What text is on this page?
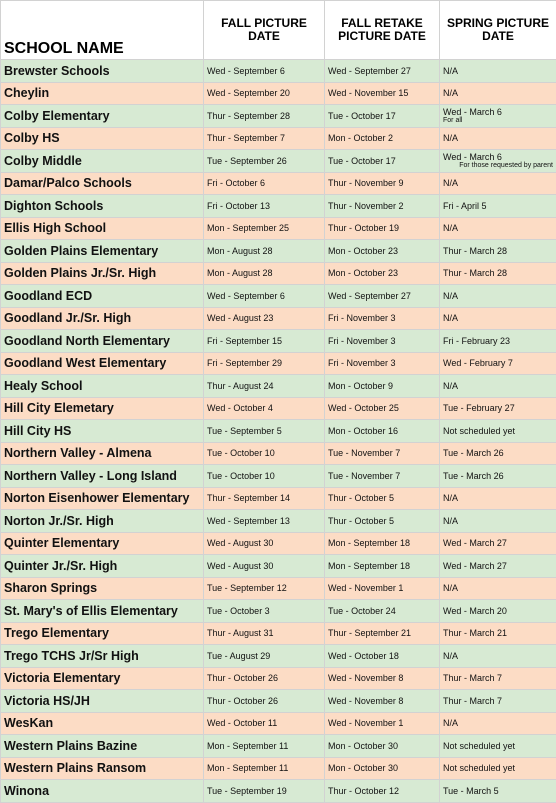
SCHOOL NAME	FALL PICTURE DATE	FALL RETAKE PICTURE DATE	SPRING PICTURE DATE
Brewster Schools	Wed - September 6	Wed - September 27	N/A
Cheylin	Wed - September 20	Wed - November 15	N/A
Colby Elementary	Thur - September 28	Tue - October 17	Wed - March 6
For all

Colby HS	Thur - September 7	Mon - October 2	N/A
Colby Middle	Tue - September 26	Tue - October 17	Wed - March 6
For those requested by parent

Damar/Palco Schools	Fri - October 6	Thur - November 9	N/A
Dighton Schools	Fri - October 13	Thur - November 2	Fri - April 5
Ellis High School	Mon - September 25	Thur - October 19	N/A
Golden Plains Elementary	Mon - August 28	Mon - October 23	Thur - March 28
Golden Plains Jr./Sr. High	Mon - August 28	Mon - October 23	Thur - March 28
Goodland ECD	Wed - September 6	Wed - September 27	N/A
Goodland Jr./Sr. High	Wed - August 23	Fri - November 3	N/A
Goodland North Elementary	Fri - September 15	Fri - November 3	Fri - February 23
Goodland West Elementary	Fri - September 29	Fri - November 3	Wed - February 7
Healy School	Thur - August 24	Mon - October 9	N/A
Hill City Elemetary	Wed - October 4	Wed - October 25	Tue - February 27
Hill City HS	Tue - September 5	Mon - October 16	Not scheduled yet
Northern Valley - Almena	Tue - October 10	Tue - November 7	Tue - March 26
Northern Valley - Long Island	Tue - October 10	Tue - November 7	Tue - March 26
Norton Eisenhower Elementary	Thur - September 14	Thur - October 5	N/A
Norton Jr./Sr. High	Wed - September 13	Thur - October 5	N/A
Quinter Elementary	Wed - August 30	Mon - September 18	Wed - March 27
Quinter Jr./Sr. High	Wed - August 30	Mon - September 18	Wed - March 27
Sharon Springs	Tue - September 12	Wed - November 1	N/A
St. Mary's of Ellis Elementary	Tue - October 3	Tue - October 24	Wed - March 20
Trego Elementary	Thur - August 31	Thur - September 21	Thur - March 21
Trego TCHS Jr/Sr High	Tue - August 29	Wed - October 18	N/A
Victoria Elementary	Thur - October 26	Wed - November 8	Thur - March 7
Victoria HS/JH	Thur - October 26	Wed - November 8	Thur - March 7
WesKan	Wed - October 11	Wed - November 1	N/A
Western Plains Bazine	Mon - September 11	Mon - October 30	Not scheduled yet
Western Plains Ransom	Mon - September 11	Mon - October 30	Not scheduled yet
Winona	Tue - September 19	Thur - October 12	Tue - March 5
